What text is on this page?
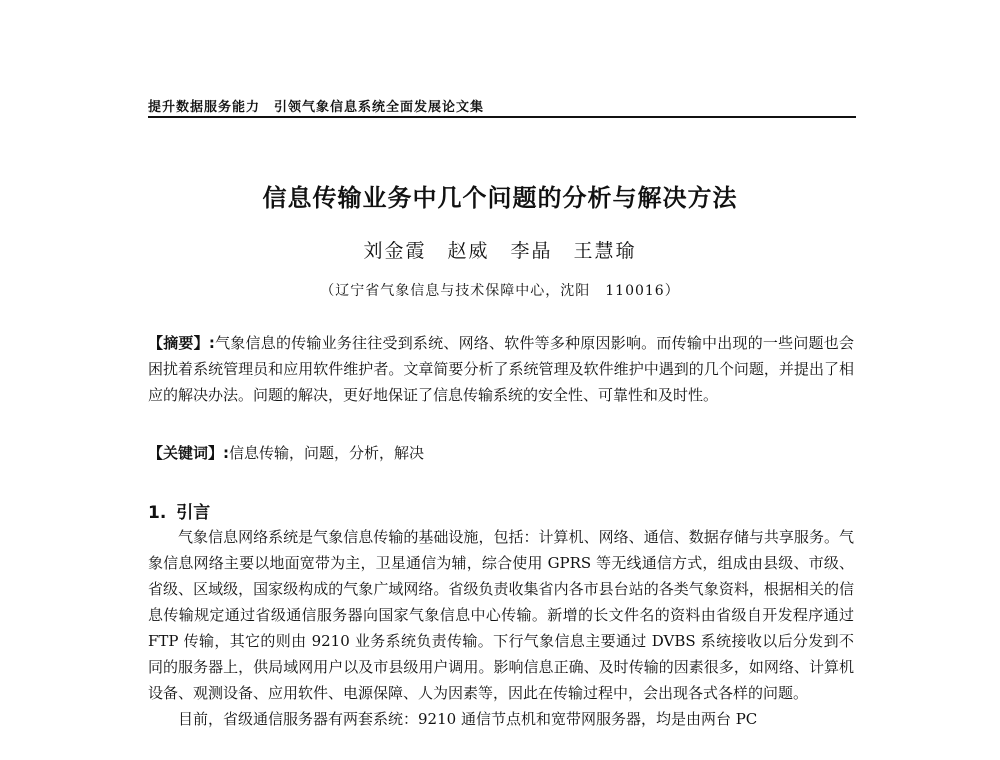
提升数据服务能力　引领气象信息系统全面发展论文集
信息传输业务中几个问题的分析与解决方法
刘金霞　赵威　李晶　王慧瑜
（辽宁省气象信息与技术保障中心，沈阳　110016）
【摘要】:气象信息的传输业务往往受到系统、网络、软件等多种原因影响。而传输中出现的一些问题也会困扰着系统管理员和应用软件维护者。文章简要分析了系统管理及软件维护中遇到的几个问题，并提出了相应的解决办法。问题的解决，更好地保证了信息传输系统的安全性、可靠性和及时性。
【关键词】:信息传输，问题，分析，解决
1. 引言

气象信息网络系统是气象信息传输的基础设施，包括：计算机、网络、通信、数据存储与共享服务。气象信息网络主要以地面宽带为主，卫星通信为辅，综合使用 GPRS 等无线通信方式，组成由县级、市级、省级、区域级，国家级构成的气象广域网络。省级负责收集省内各市县台站的各类气象资料，根据相关的信息传输规定通过省级通信服务器向国家气象信息中心传输。新增的长文件名的资料由省级自开发程序通过 FTP 传输，其它的则由 9210 业务系统负责传输。下行气象信息主要通过 DVBS 系统接收以后分发到不同的服务器上，供局域网用户以及市县级用户调用。影响信息正确、及时传输的因素很多，如网络、计算机设备、观测设备、应用软件、电源保障、人为因素等，因此在传输过程中，会出现各式各样的问题。

目前，省级通信服务器有两套系统：9210 通信节点机和宽带网服务器，均是由两台 PC
